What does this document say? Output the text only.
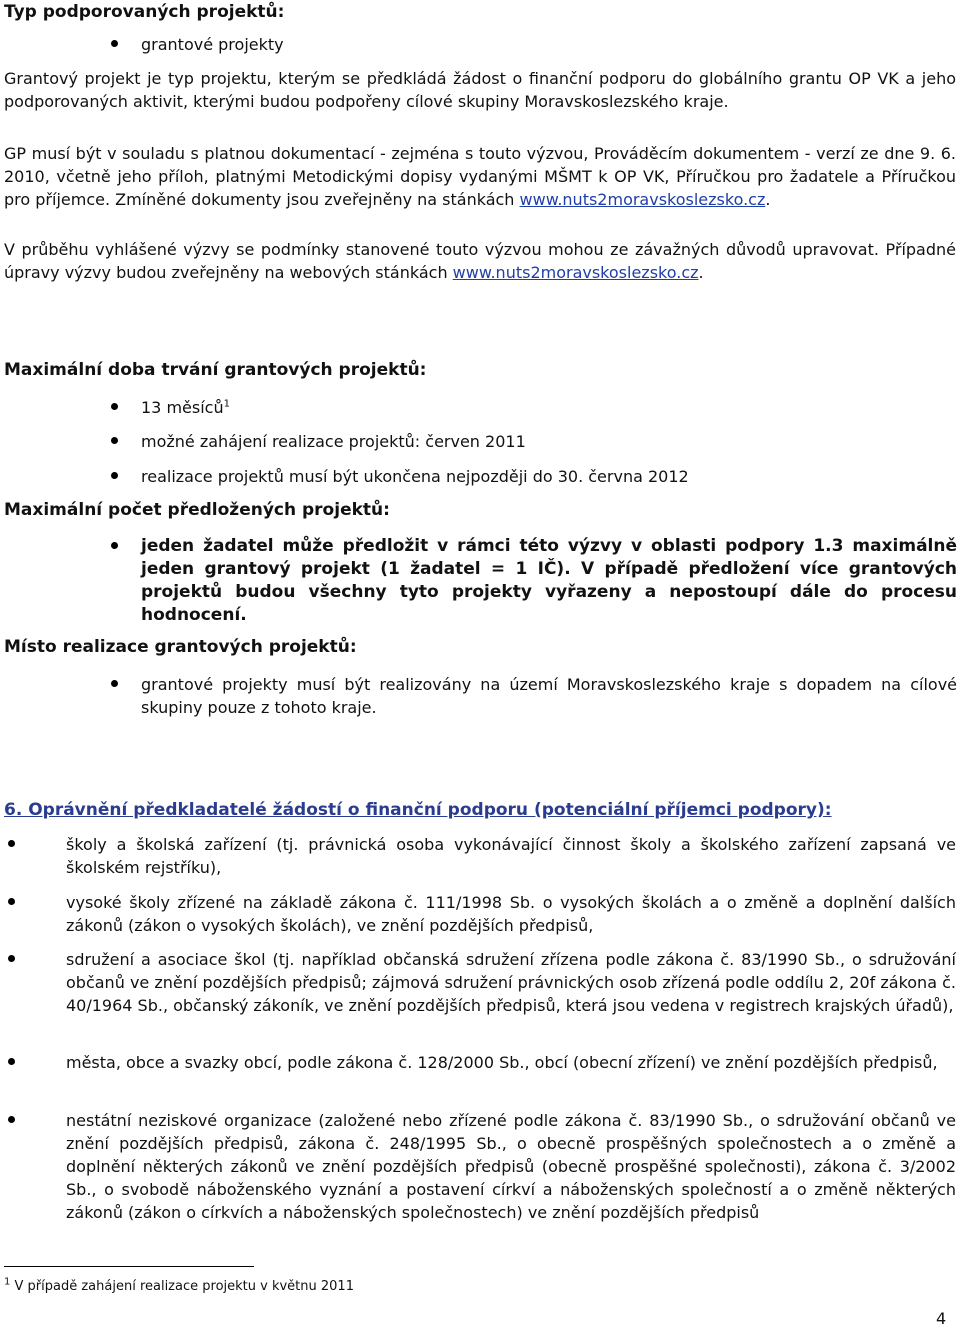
Typ podporovaných projektů:
grantové projekty
Grantový projekt je typ projektu, kterým se předkládá žádost o finanční podporu do globálního grantu OP VK a jeho podporovaných aktivit, kterými budou podpořeny cílové skupiny Moravskoslezského kraje.
GP musí být v souladu s platnou dokumentací - zejména s touto výzvou, Prováděcím dokumentem - verzí ze dne 9. 6. 2010, včetně jeho příloh, platnými Metodickými dopisy vydanými MŠMT k OP VK, Příručkou pro žadatele a Příručkou pro příjemce. Zmíněné dokumenty jsou zveřejněny na stánkách www.nuts2moravskoslezsko.cz.
V průběhu vyhlášené výzvy se podmínky stanovené touto výzvou mohou ze závažných důvodů upravovat. Případné úpravy výzvy budou zveřejněny na webových stánkách www.nuts2moravskoslezsko.cz.
Maximální doba trvání grantových projektů:
13 měsíců$^1$
možné zahájení realizace projektů: červen 2011
realizace projektů musí být ukončena nejpozději do 30. června 2012
Maximální počet předložených projektů:
jeden žadatel může předložit v rámci této výzvy v oblasti podpory 1.3 maximálně jeden grantový projekt (1 žadatel = 1 IČ). V případě předložení více grantových projektů budou všechny tyto projekty vyřazeny a nepostoupí dále do procesu hodnocení.
Místo realizace grantových projektů:
grantové projekty musí být realizovány na území Moravskoslezského kraje s dopadem na cílové skupiny pouze z tohoto kraje.
6. Oprávnění předkladatelé žádostí o finanční podporu (potenciální příjemci podpory):
školy a školská zařízení (tj. právnická osoba vykonávající činnost školy a školského zařízení zapsaná ve školském rejstříku),
vysoké školy zřízené na základě zákona č. 111/1998 Sb. o vysokých školách a o změně a doplnění dalších zákonů (zákon o vysokých školách), ve znění pozdějších předpisů,
sdružení a asociace škol (tj. například občanská sdružení zřízena podle zákona č. 83/1990 Sb., o sdružování občanů ve znění pozdějších předpisů; zájmová sdružení právnických osob zřízená podle oddílu 2, 20f zákona č. 40/1964 Sb., občanský zákoník, ve znění pozdějších předpisů, která jsou vedena v registrech krajských úřadů),
města, obce a svazky obcí, podle zákona č. 128/2000 Sb., obcí (obecní zřízení) ve znění pozdějších předpisů,
nestátní neziskové organizace (založené nebo zřízené podle zákona č. 83/1990 Sb., o sdružování občanů ve znění pozdějších předpisů, zákona č. 248/1995 Sb., o obecně prospěšných společnostech a o změně a doplnění některých zákonů ve znění pozdějších předpisů (obecně prospěšné společnosti), zákona č. 3/2002 Sb., o svobodě náboženského vyznání a postavení církví a náboženských společností a o změně některých zákonů (zákon o církvích a náboženských společnostech) ve znění pozdějších předpisů
$^1$ V případě zahájení realizace projektu v květnu 2011
4
